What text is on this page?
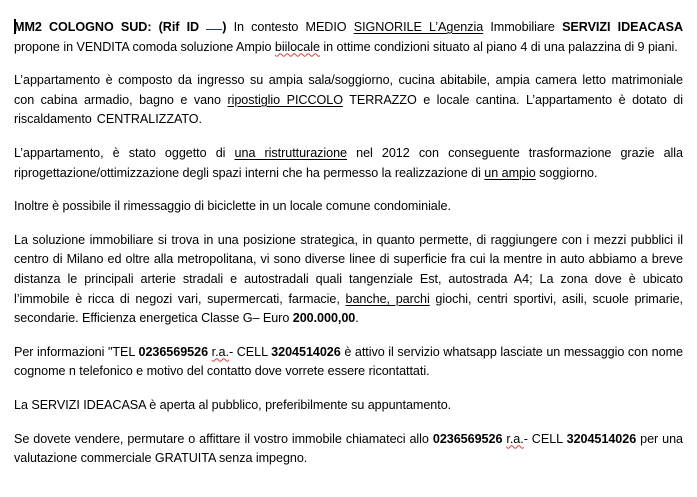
MM2 COLOGNO SUD: (Rif ID ) In contesto MEDIO SIGNORILE L’Agenzia Immobiliare SERVIZI IDEACASA propone in VENDITA comoda soluzione Ampio biilocale in ottime condizioni situato al piano 4 di una palazzina di 9 piani.

L’appartamento è composto da ingresso su ampia sala/soggiorno, cucina abitabile, ampia camera letto matrimoniale con cabina armadio, bagno e vano ripostiglio PICCOLO TERRAZZO e locale cantina. L’appartamento è dotato di riscaldamento CENTRALIZZATO.

L’appartamento, è stato oggetto di una ristrutturazione nel 2012 con conseguente trasformazione grazie alla riprogettazione/ottimizzazione degli spazi interni che ha permesso la realizzazione di un ampio soggiorno.

Inoltre è possibile il rimessaggio di biciclette in un locale comune condominiale.

La soluzione immobiliare si trova in una posizione strategica, in quanto permette, di raggiungere con i mezzi pubblici il centro di Milano ed oltre alla metropolitana, vi sono diverse linee di superficie fra cui la mentre in auto abbiamo a breve distanza le principali arterie stradali e autostradali quali tangenziale Est, autostrada A4; La zona dove è ubicato l’immobile è ricca di negozi vari, supermercati, farmacie, banche, parchi giochi, centri sportivi, asili, scuole primarie, secondarie. Efficienza energetica Classe G– Euro 200.000,00.

Per informazioni "TEL 0236569526 r.a.- CELL 3204514026 è attivo il servizio whatsapp lasciate un messaggio con nome cognome n telefonico e motivo del contatto dove vorrete essere ricontattati.

La SERVIZI IDEACASA è aperta al pubblico, preferibilmente su appuntamento.

Se dovete vendere, permutare o affittare il vostro immobile chiamateci allo 0236569526 r.a.- CELL 3204514026 per una valutazione commerciale GRATUITA senza impegno.
